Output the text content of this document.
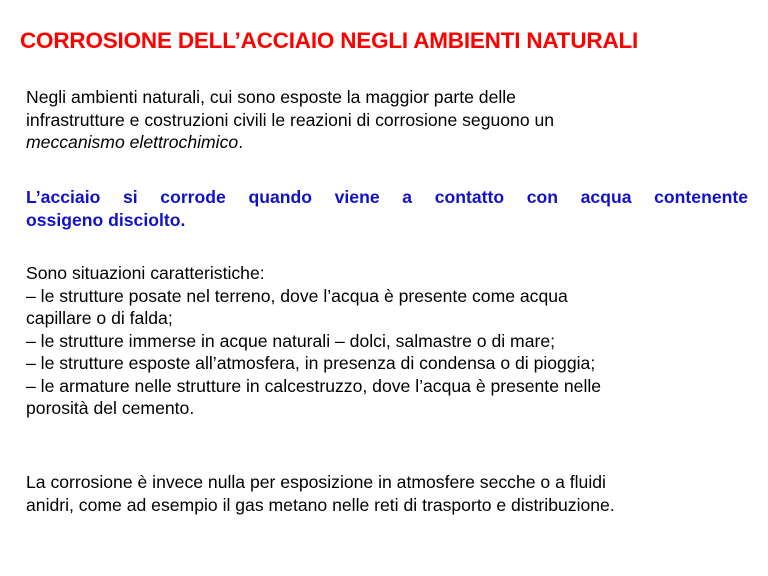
CORROSIONE DELL’ACCIAIO NEGLI AMBIENTI NATURALI
Negli ambienti naturali, cui sono esposte la maggior parte delle
infrastrutture e costruzioni civili le reazioni di corrosione seguono un
meccanismo elettrochimico.
L’acciaio si corrode quando viene a contatto con acqua contenente
ossigeno disciolto.
Sono situazioni caratteristiche:
– le strutture posate nel terreno, dove l’acqua è presente come acqua
capillare o di falda;
– le strutture immerse in acque naturali – dolci, salmastre o di mare;
– le strutture esposte all’atmosfera, in presenza di condensa o di pioggia;
– le armature nelle strutture in calcestruzzo, dove l’acqua è presente nelle
porosità del cemento.
La corrosione è invece nulla per esposizione in atmosfere secche o a fluidi
anidri, come ad esempio il gas metano nelle reti di trasporto e distribuzione.
